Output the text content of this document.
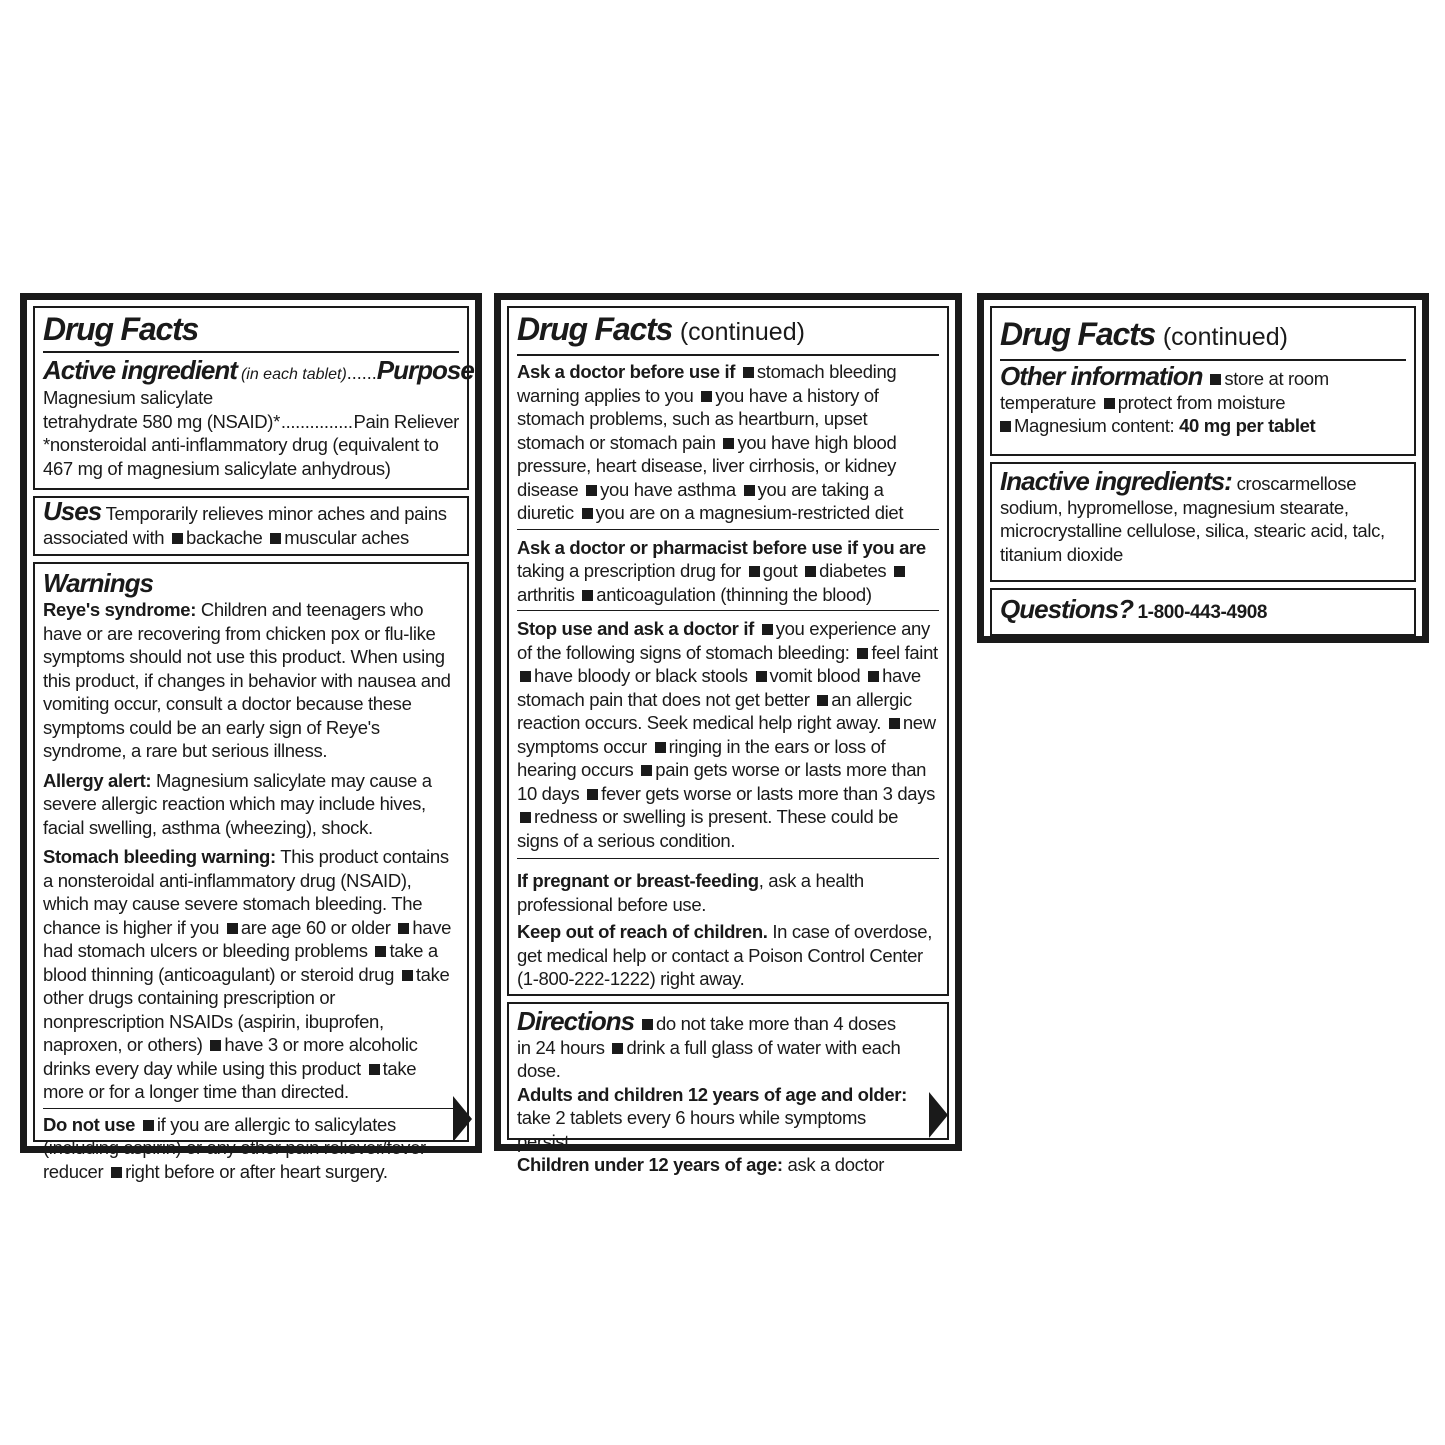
Drug Facts
Active ingredient (in each tablet) ...... Purpose
Magnesium salicylate
tetrahydrate 580 mg (NSAID)* ............... Pain Reliever
*nonsteroidal anti-inflammatory drug (equivalent to 467 mg of magnesium salicylate anhydrous)
Uses Temporarily relieves minor aches and pains associated with backache muscular aches
Warnings
Reye's syndrome: Children and teenagers who have or are recovering from chicken pox or flu-like symptoms should not use this product. When using this product, if changes in behavior with nausea and vomiting occur, consult a doctor because these symptoms could be an early sign of Reye's syndrome, a rare but serious illness.
Allergy alert: Magnesium salicylate may cause a severe allergic reaction which may include hives, facial swelling, asthma (wheezing), shock.
Stomach bleeding warning: This product contains a nonsteroidal anti-inflammatory drug (NSAID), which may cause severe stomach bleeding. The chance is higher if you are age 60 or older have had stomach ulcers or bleeding problems take a blood thinning (anticoagulant) or steroid drug take other drugs containing prescription or nonprescription NSAIDs (aspirin, ibuprofen, naproxen, or others) have 3 or more alcoholic drinks every day while using this product take more or for a longer time than directed.
Do not use if you are allergic to salicylates (including aspirin) or any other pain reliever/fever reducer right before or after heart surgery.
Drug Facts (continued)
Ask a doctor before use if stomach bleeding warning applies to you you have a history of stomach problems, such as heartburn, upset stomach or stomach pain you have high blood pressure, heart disease, liver cirrhosis, or kidney disease you have asthma you are taking a diuretic you are on a magnesium-restricted diet
Ask a doctor or pharmacist before use if you are taking a prescription drug for gout diabetes arthritis anticoagulation (thinning the blood)
Stop use and ask a doctor if you experience any of the following signs of stomach bleeding: feel faint have bloody or black stools vomit blood have stomach pain that does not get better an allergic reaction occurs. Seek medical help right away. new symptoms occur ringing in the ears or loss of hearing occurs pain gets worse or lasts more than 10 days fever gets worse or lasts more than 3 days redness or swelling is present. These could be signs of a serious condition.
If pregnant or breast-feeding, ask a health professional before use.
Keep out of reach of children. In case of overdose, get medical help or contact a Poison Control Center (1-800-222-1222) right away.
Directions do not take more than 4 doses in 24 hours drink a full glass of water with each dose.
Adults and children 12 years of age and older: take 2 tablets every 6 hours while symptoms persist.
Children under 12 years of age: ask a doctor
Drug Facts (continued)
Other information store at room temperature protect from moisture
Magnesium content: 40 mg per tablet
Inactive ingredients: croscarmellose sodium, hypromellose, magnesium stearate, microcrystalline cellulose, silica, stearic acid, talc, titanium dioxide
Questions? 1-800-443-4908
